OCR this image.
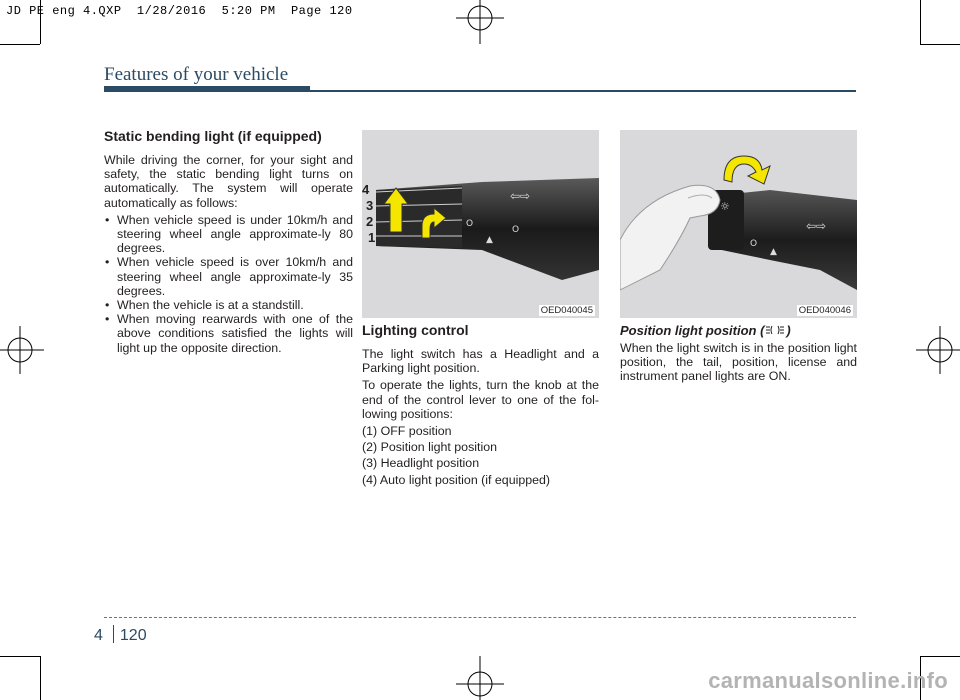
JD PE eng 4.QXP  1/28/2016  5:20 PM  Page 120
Features of your vehicle
Static bending light (if equipped)

While driving the corner, for your sight and safety, the static bending light turns on automatically. The system will operate automatically as follows:

• When vehicle speed is under 10km/h and steering wheel angle approximate-ly 80 degrees.
• When vehicle speed is over 10km/h and steering wheel angle approximate-ly 35 degrees.
• When the vehicle is at a standstill.
• When moving rearwards with one of the above conditions satisfied the lights will light up the opposite direction.
O
▲
⇦⇨
O
4
3
2
1
OED040045
Lighting control

The light switch has a Headlight and a Parking light position.

To operate the lights, turn the knob at the end of the control lever to one of the fol-lowing positions:

(1) OFF position
(2) Position light position
(3) Headlight position
(4) Auto light position (if equipped)
☼
⇦⇨
O
▲
OED040046
Position light position ( )

When the light switch is in the position light position, the tail, position, license and instrument panel lights are ON.

4 120
carmanualsonline.info
